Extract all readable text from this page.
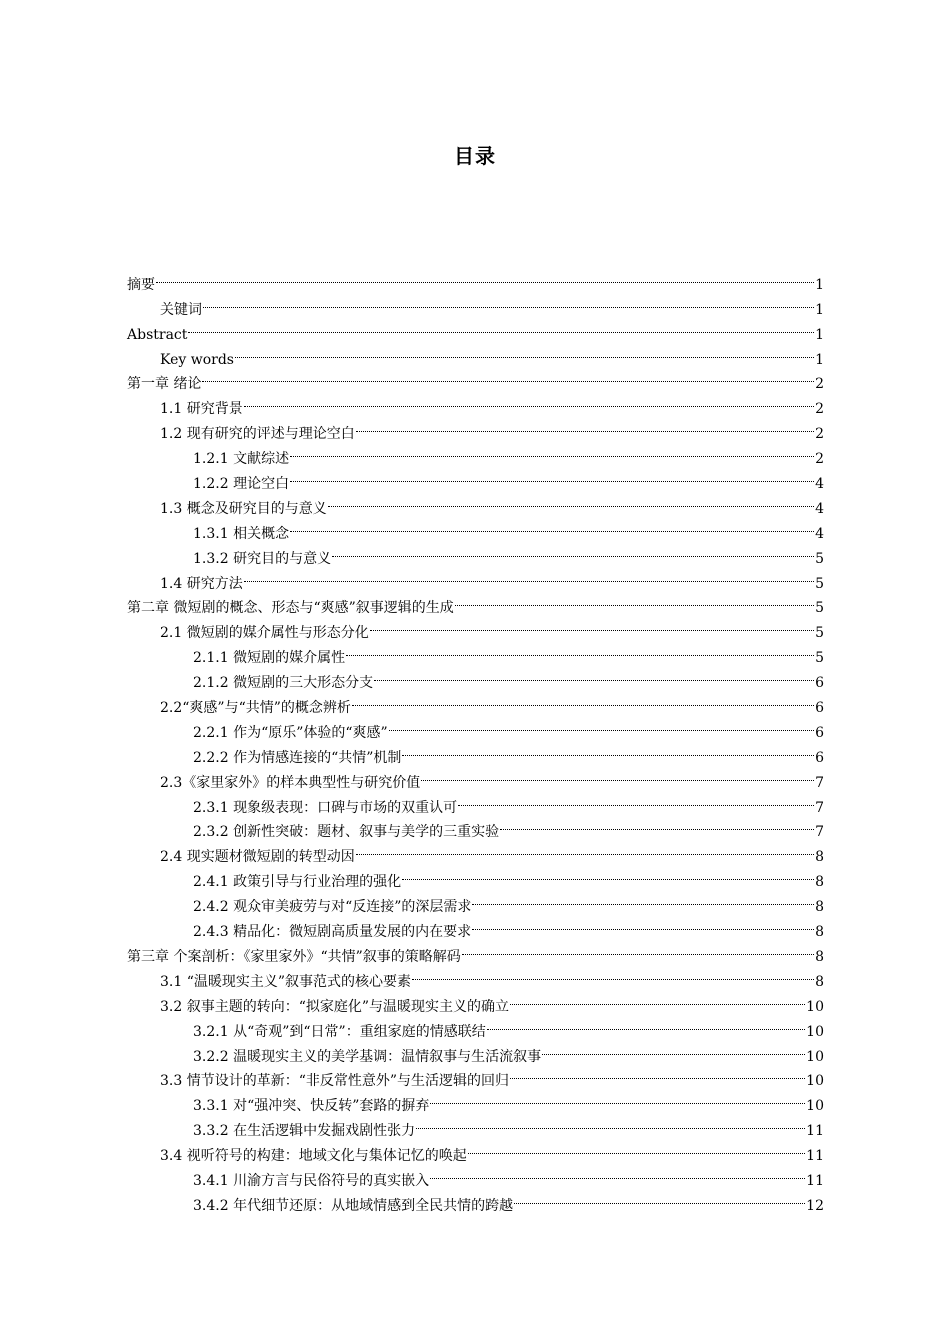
目录
摘要	1
关键词	1
Abstract	1
Key words	1
第一章 绪论	2
1.1 研究背景	2
1.2 现有研究的评述与理论空白	2
1.2.1 文献综述	2
1.2.2 理论空白	4
1.3 概念及研究目的与意义	4
1.3.1 相关概念	4
1.3.2 研究目的与意义	5
1.4 研究方法	5
第二章 微短剧的概念、形态与“爽感”叙事逻辑的生成	5
2.1 微短剧的媒介属性与形态分化	5
2.1.1 微短剧的媒介属性	5
2.1.2 微短剧的三大形态分支	6
2.2“爽感”与“共情”的概念辨析	6
2.2.1 作为“原乐”体验的“爽感”	6
2.2.2 作为情感连接的“共情”机制	6
2.3《家里家外》的样本典型性与研究价值	7
2.3.1 现象级表现：口碑与市场的双重认可	7
2.3.2 创新性突破：题材、叙事与美学的三重实验	7
2.4 现实题材微短剧的转型动因	8
2.4.1 政策引导与行业治理的强化	8
2.4.2 观众审美疲劳与对“反连接”的深层需求	8
2.4.3 精品化：微短剧高质量发展的内在要求	8
第三章 个案剖析：《家里家外》“共情”叙事的策略解码	8
3.1 “温暖现实主义”叙事范式的核心要素	8
3.2 叙事主题的转向：“拟家庭化”与温暖现实主义的确立	10
3.2.1 从“奇观”到“日常”：重组家庭的情感联结	10
3.2.2 温暖现实主义的美学基调：温情叙事与生活流叙事	10
3.3 情节设计的革新：“非反常性意外”与生活逻辑的回归	10
3.3.1 对“强冲突、快反转”套路的摒弃	10
3.3.2 在生活逻辑中发掘戏剧性张力	11
3.4 视听符号的构建：地域文化与集体记忆的唤起	11
3.4.1 川渝方言与民俗符号的真实嵌入	11
3.4.2 年代细节还原：从地域情感到全民共情的跨越	12
